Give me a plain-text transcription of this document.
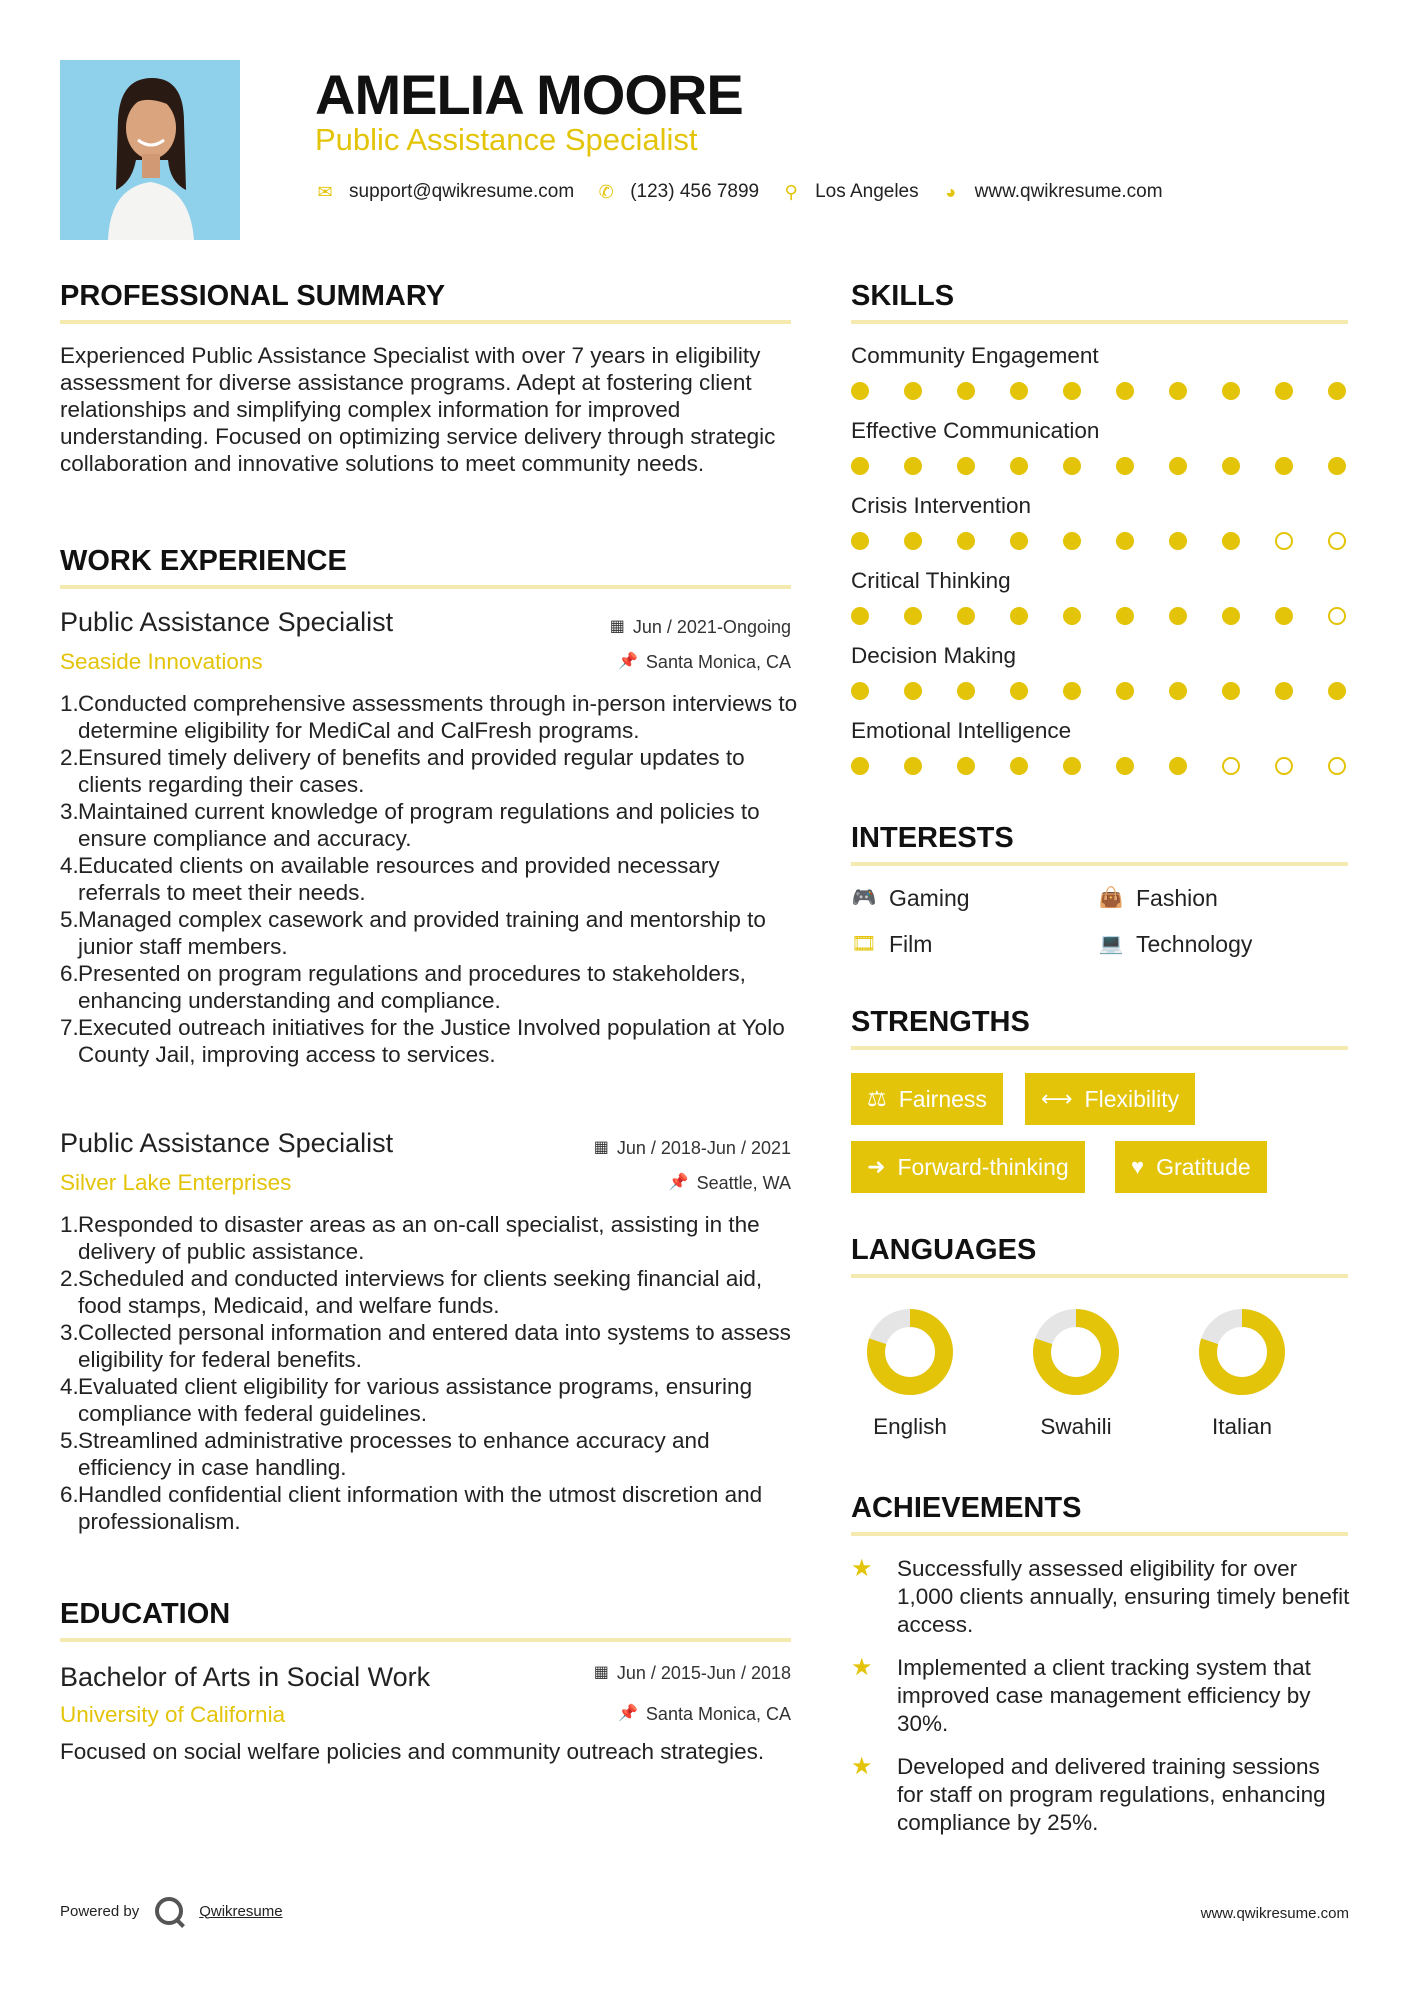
AMELIA MOORE
Public Assistance Specialist
✉ support@qwikresume.com ✆ (123) 456 7899 ⚲ Los Angeles ◕ www.qwikresume.com
PROFESSIONAL SUMMARY
Experienced Public Assistance Specialist with over 7 years in eligibility assessment for diverse assistance programs. Adept at fostering client relationships and simplifying complex information for improved understanding. Focused on optimizing service delivery through strategic collaboration and innovative solutions to meet community needs.
WORK EXPERIENCE
Public Assistance Specialist	▦ Jun / 2021-Ongoing
Seaside Innovations	📌 Santa Monica, CA
1. Conducted comprehensive assessments through in-person interviews to determine eligibility for MediCal and CalFresh programs.
2. Ensured timely delivery of benefits and provided regular updates to clients regarding their cases.
3. Maintained current knowledge of program regulations and policies to ensure compliance and accuracy.
4. Educated clients on available resources and provided necessary referrals to meet their needs.
5. Managed complex casework and provided training and mentorship to junior staff members.
6. Presented on program regulations and procedures to stakeholders, enhancing understanding and compliance.
7. Executed outreach initiatives for the Justice Involved population at Yolo County Jail, improving access to services.
Public Assistance Specialist	▦ Jun / 2018-Jun / 2021
Silver Lake Enterprises	📌 Seattle, WA
1. Responded to disaster areas as an on-call specialist, assisting in the delivery of public assistance.
2. Scheduled and conducted interviews for clients seeking financial aid, food stamps, Medicaid, and welfare funds.
3. Collected personal information and entered data into systems to assess eligibility for federal benefits.
4. Evaluated client eligibility for various assistance programs, ensuring compliance with federal guidelines.
5. Streamlined administrative processes to enhance accuracy and efficiency in case handling.
6. Handled confidential client information with the utmost discretion and professionalism.
EDUCATION
Bachelor of Arts in Social Work	▦ Jun / 2015-Jun / 2018
University of California	📌 Santa Monica, CA
Focused on social welfare policies and community outreach strategies.
SKILLS
Community Engagement
Effective Communication
Crisis Intervention
Critical Thinking
Decision Making
Emotional Intelligence
INTERESTS
🎮 Gaming	👜 Fashion
🎞 Film	💻 Technology
STRENGTHS
⚖ Fairness ⟷ Flexibility
➜ Forward-thinking	♥ Gratitude
LANGUAGES
English	Swahili	Italian
ACHIEVEMENTS
★	Successfully assessed eligibility for over 1,000 clients annually, ensuring timely benefit access.
★	Implemented a client tracking system that improved case management efficiency by 30%.
★	Developed and delivered training sessions for staff on program regulations, enhancing compliance by 25%.
Powered by	Qwikresume	www.qwikresume.com
